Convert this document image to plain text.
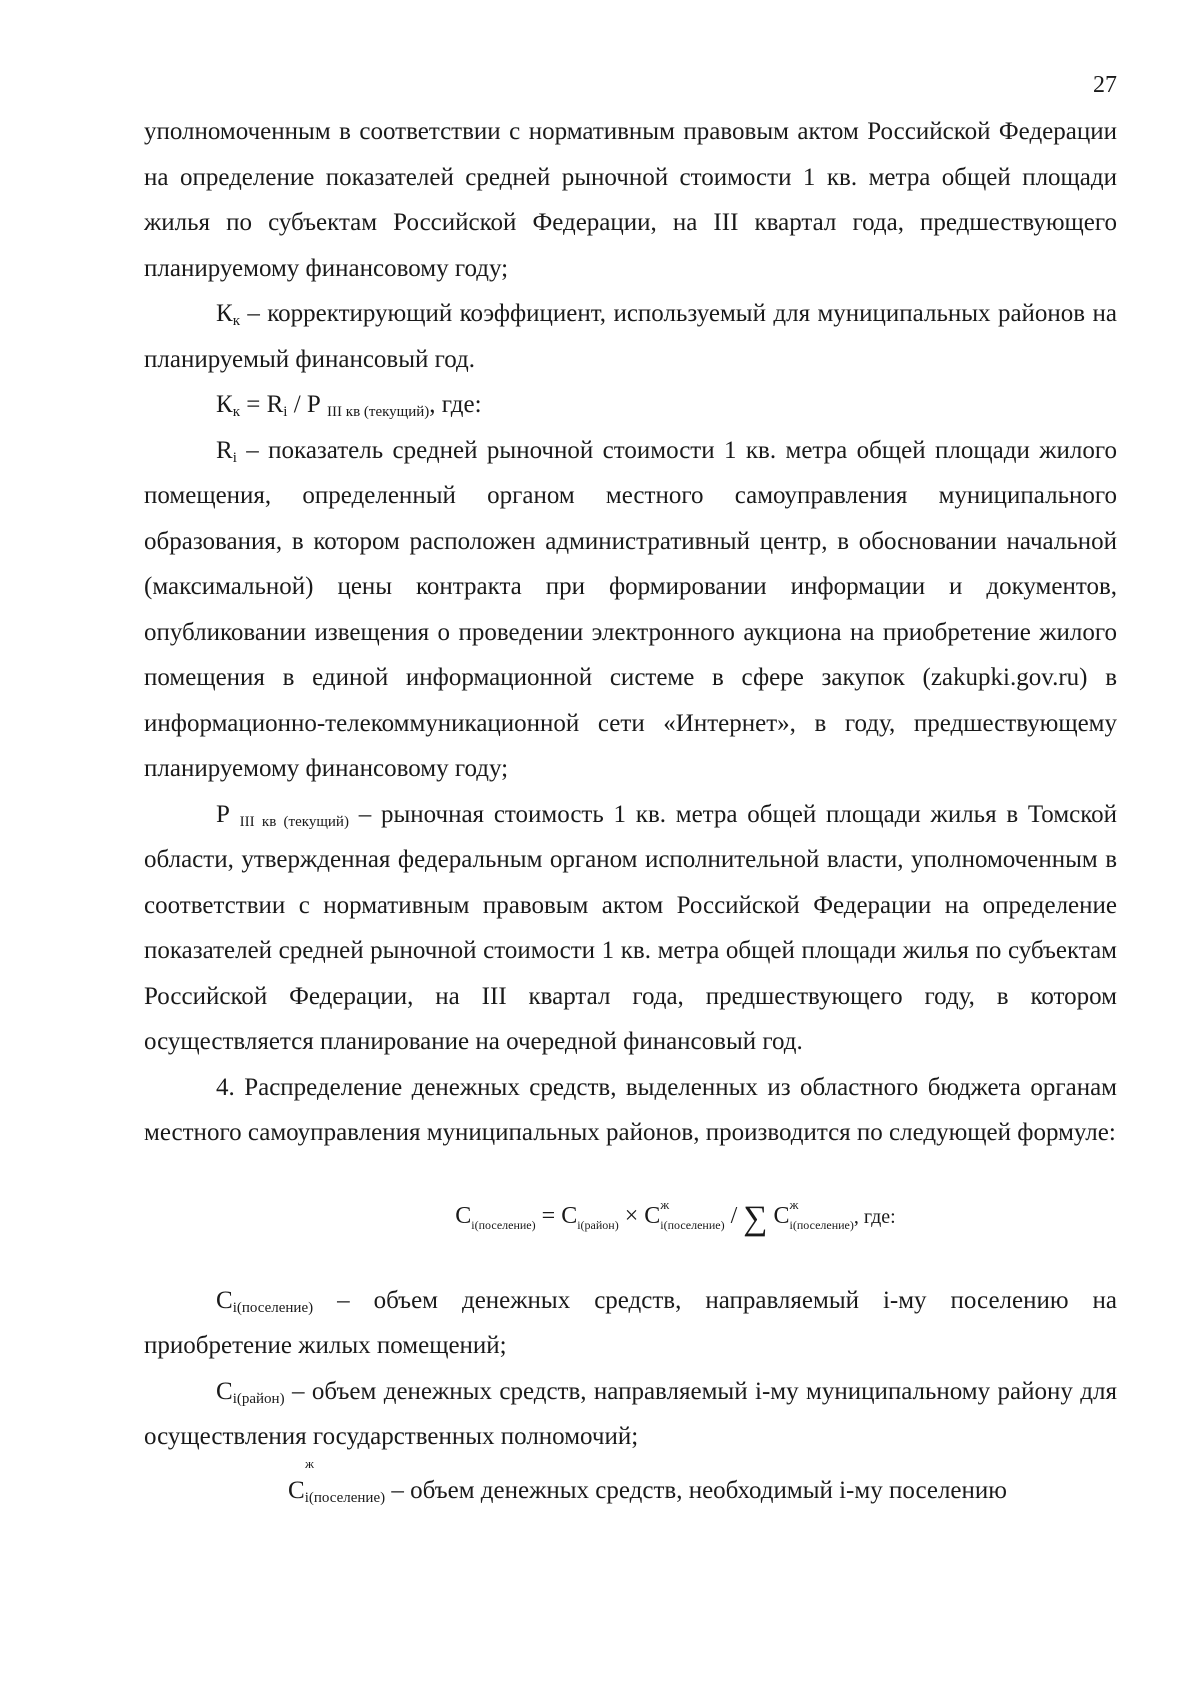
27

уполномоченным в соответствии с нормативным правовым актом Российской Федерации на определение показателей средней рыночной стоимости 1 кв. метра общей площади жилья по субъектам Российской Федерации, на III квартал года, предшествующего планируемому финансовому году;

$К_к$ – корректирующий коэффициент, используемый для муниципальных районов на планируемый финансовый год.

$К_к = R_i / Р$ $_{III кв (текущий)}$, где:

$R_i$ – показатель средней рыночной стоимости 1 кв. метра общей площади жилого помещения, определенный органом местного самоуправления муниципального образования, в котором расположен административный центр, в обосновании начальной (максимальной) цены контракта при формировании информации и документов, опубликовании извещения о проведении электронного аукциона на приобретение жилого помещения в единой информационной системе в сфере закупок (zakupki.gov.ru) в информационно-телекоммуникационной сети «Интернет», в году, предшествующему планируемому финансовому году;

Р $_{III кв (текущий)}$ – рыночная стоимость 1 кв. метра общей площади жилья в Томской области, утвержденная федеральным органом исполнительной власти, уполномоченным в соответствии с нормативным правовым актом Российской Федерации на определение показателей средней рыночной стоимости 1 кв. метра общей площади жилья по субъектам Российской Федерации, на III квартал года, предшествующего году, в котором осуществляется планирование на очередной финансовый год.

4. Распределение денежных средств, выделенных из областного бюджета органам местного самоуправления муниципальных районов, производится по следующей формуле:

$C_{i(поселение)} = C_{i(район)} \times C$ ж
$_{i(поселение)}$ / ∑ C ж
$_{i(поселение)}$, где:

$C_{i(поселение)}$ – объем денежных средств, направляемый i-му поселению на приобретение жилых помещений;

$C_{i(район)}$ – объем денежных средств, направляемый i-му муниципальному району для осуществления государственных полномочий;

C
ж
$_{i(поселение)}$ – объем денежных средств, необходимый i-му поселению
